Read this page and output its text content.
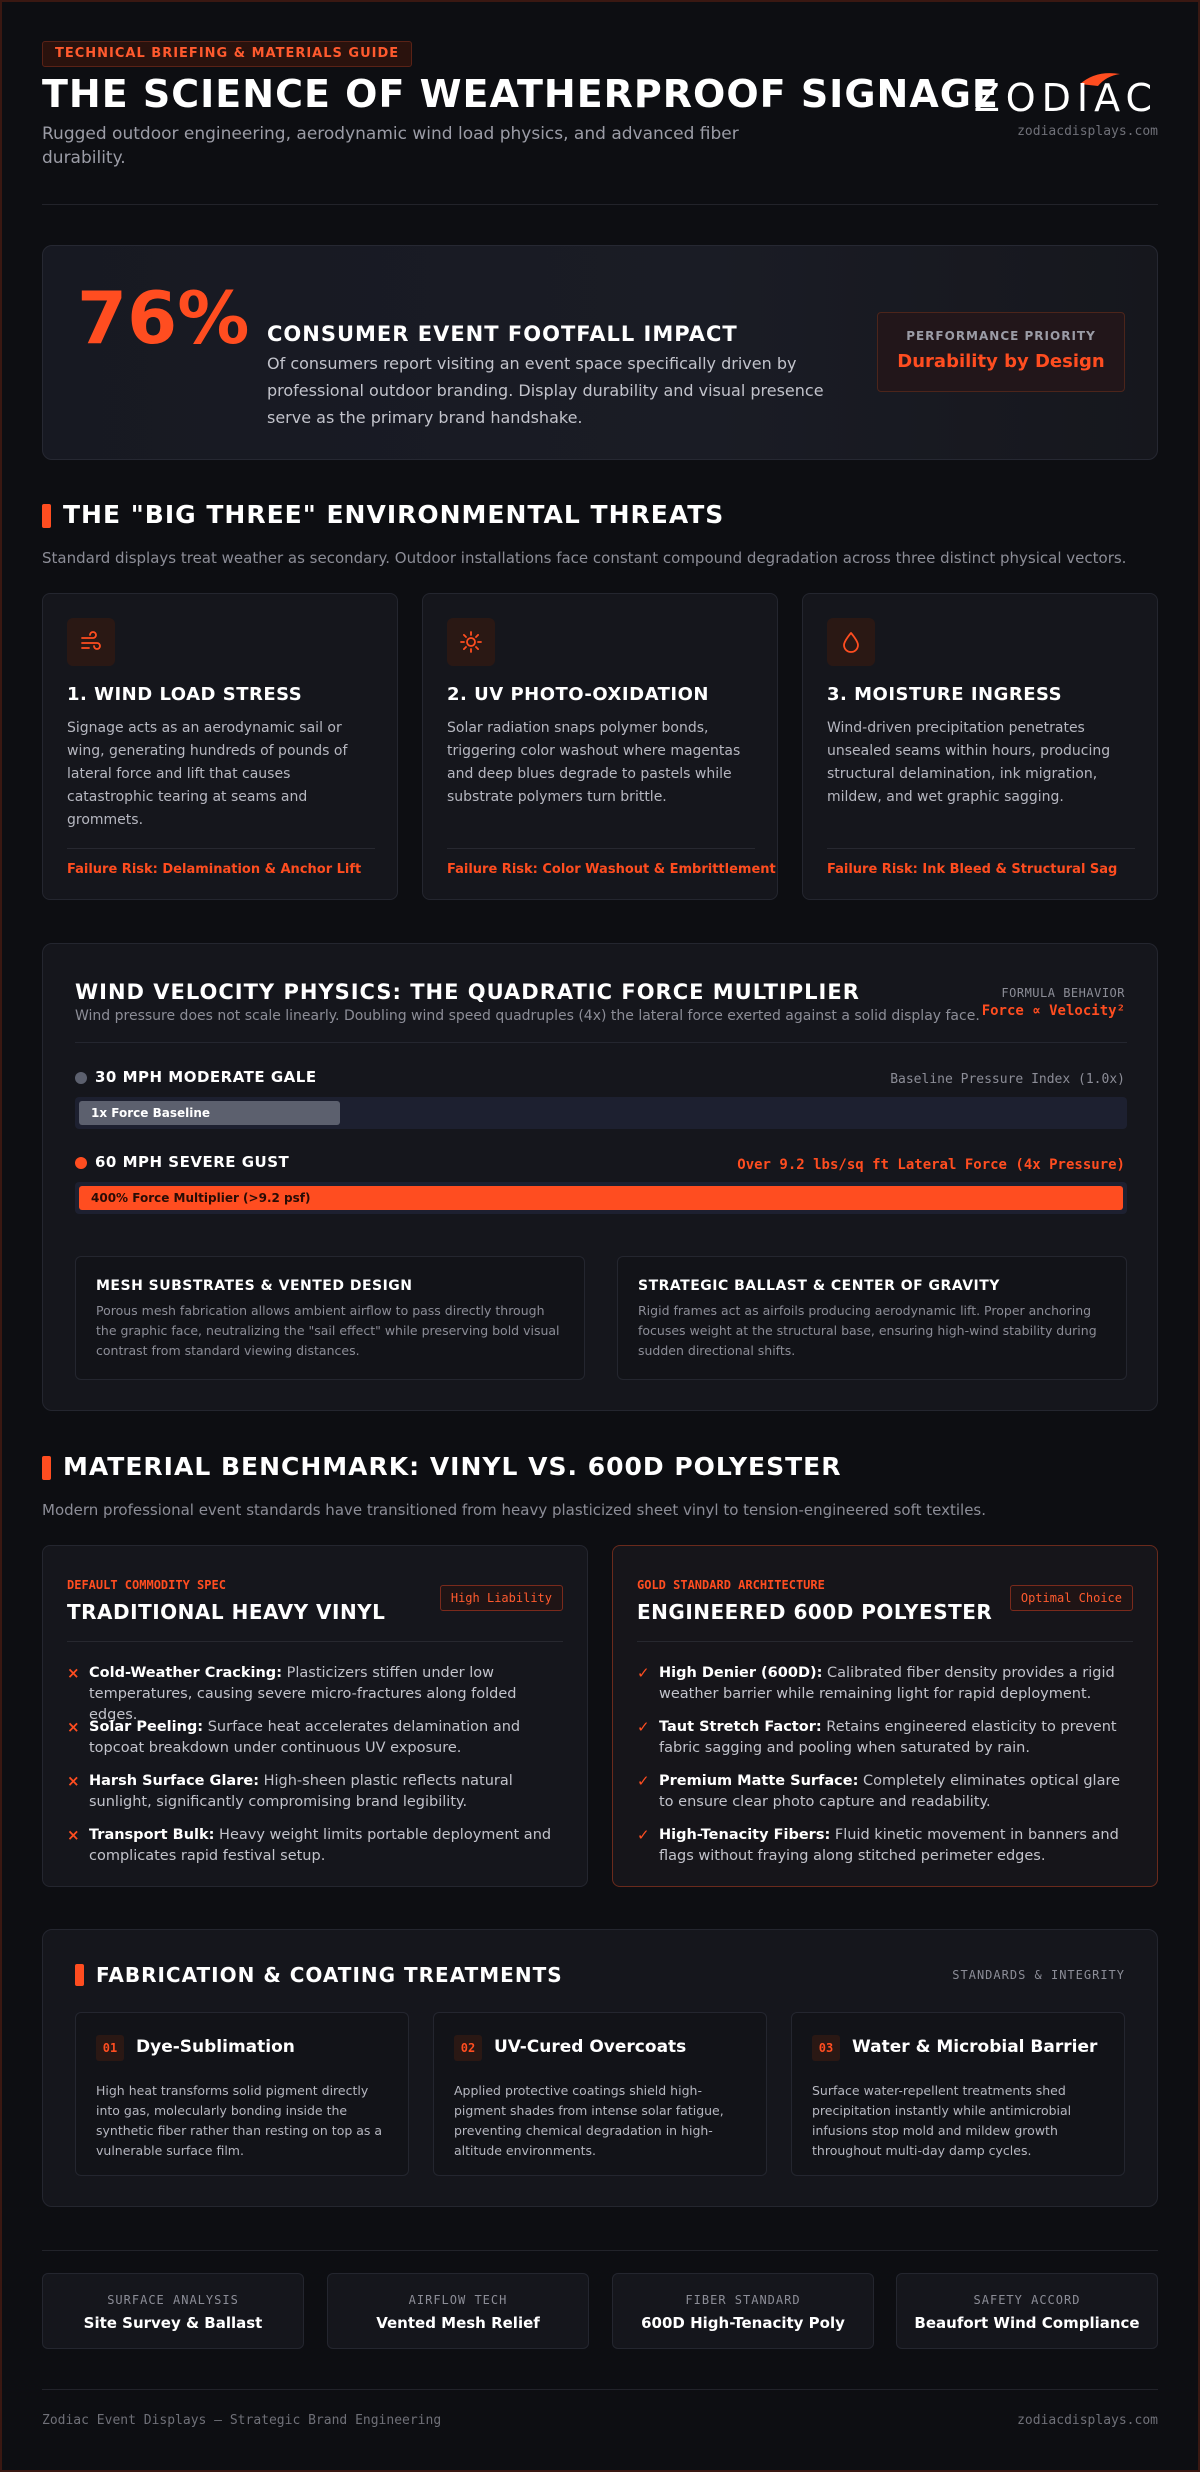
TECHNICAL BRIEFING & MATERIALS GUIDE
THE SCIENCE OF WEATHERPROOF SIGNAGE
Rugged outdoor engineering, aerodynamic wind load physics, and advanced fiber durability.
ZODIAC
zodiacdisplays.com
76% CONSUMER EVENT FOOTFALL IMPACT
Of consumers report visiting an event space specifically driven by professional outdoor branding. Display durability and visual presence serve as the primary brand handshake.
PERFORMANCE PRIORITY
Durability by Design
THE "BIG THREE" ENVIRONMENTAL THREATS
Standard displays treat weather as secondary. Outdoor installations face constant compound degradation across three distinct physical vectors.
1. WIND LOAD STRESS
Signage acts as an aerodynamic sail or wing, generating hundreds of pounds of lateral force and lift that causes catastrophic tearing at seams and grommets.
Failure Risk: Delamination & Anchor Lift
2. UV PHOTO-OXIDATION
Solar radiation snaps polymer bonds, triggering color washout where magentas and deep blues degrade to pastels while substrate polymers turn brittle.
Failure Risk: Color Washout & Embrittlement
3. MOISTURE INGRESS
Wind-driven precipitation penetrates unsealed seams within hours, producing structural delamination, ink migration, mildew, and wet graphic sagging.
Failure Risk: Ink Bleed & Structural Sag
WIND VELOCITY PHYSICS: THE QUADRATIC FORCE MULTIPLIER
Wind pressure does not scale linearly. Doubling wind speed quadruples (4x) the lateral force exerted against a solid display face.
FORMULA BEHAVIOR
Force ∝ Velocity²
30 MPH MODERATE GALE	Baseline Pressure Index (1.0x)
1x Force Baseline
60 MPH SEVERE GUST	Over 9.2 lbs/sq ft Lateral Force (4x Pressure)
400% Force Multiplier (>9.2 psf)
MESH SUBSTRATES & VENTED DESIGN
Porous mesh fabrication allows ambient airflow to pass directly through the graphic face, neutralizing the "sail effect" while preserving bold visual contrast from standard viewing distances.
STRATEGIC BALLAST & CENTER OF GRAVITY
Rigid frames act as airfoils producing aerodynamic lift. Proper anchoring focuses weight at the structural base, ensuring high-wind stability during sudden directional shifts.
MATERIAL BENCHMARK: VINYL VS. 600D POLYESTER
Modern professional event standards have transitioned from heavy plasticized sheet vinyl to tension-engineered soft textiles.
DEFAULT COMMODITY SPEC
TRADITIONAL HEAVY VINYL
High Liability
× Cold-Weather Cracking: Plasticizers stiffen under low temperatures, causing severe micro-fractures along folded edges.
× Solar Peeling: Surface heat accelerates delamination and topcoat breakdown under continuous UV exposure.
× Harsh Surface Glare: High-sheen plastic reflects natural sunlight, significantly compromising brand legibility.
× Transport Bulk: Heavy weight limits portable deployment and complicates rapid festival setup.
GOLD STANDARD ARCHITECTURE
ENGINEERED 600D POLYESTER
Optimal Choice
✓ High Denier (600D): Calibrated fiber density provides a rigid weather barrier while remaining light for rapid deployment.
✓ Taut Stretch Factor: Retains engineered elasticity to prevent fabric sagging and pooling when saturated by rain.
✓ Premium Matte Surface: Completely eliminates optical glare to ensure clear photo capture and readability.
✓ High-Tenacity Fibers: Fluid kinetic movement in banners and flags without fraying along stitched perimeter edges.
FABRICATION & COATING TREATMENTS	STANDARDS & INTEGRITY
01	Dye-Sublimation
High heat transforms solid pigment directly into gas, molecularly bonding inside the synthetic fiber rather than resting on top as a vulnerable surface film.
02	UV-Cured Overcoats
Applied protective coatings shield high-pigment shades from intense solar fatigue, preventing chemical degradation in high-altitude environments.
03	Water & Microbial Barrier
Surface water-repellent treatments shed precipitation instantly while antimicrobial infusions stop mold and mildew growth throughout multi-day damp cycles.
SURFACE ANALYSIS
Site Survey & Ballast
AIRFLOW TECH
Vented Mesh Relief
FIBER STANDARD
600D High-Tenacity Poly
SAFETY ACCORD
Beaufort Wind Compliance
Zodiac Event Displays — Strategic Brand Engineering	zodiacdisplays.com
